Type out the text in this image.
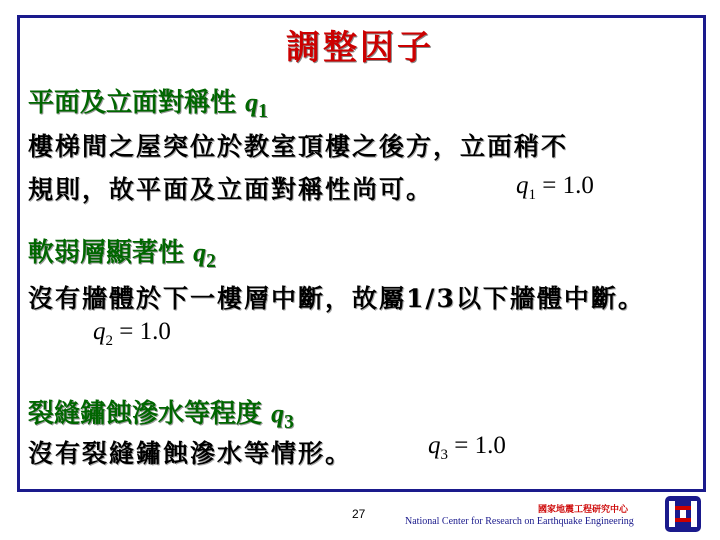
調整因子
平面及立面對稱性 $q_1$
樓梯間之屋突位於教室頂樓之後方，立面稍不
規則，故平面及立面對稱性尚可。	$q_1 = 1.0$
軟弱層顯著性 $q_2$
沒有牆體於下一樓層中斷，故屬1/3以下牆體中斷。
$q_2 = 1.0$
裂縫鏽蝕滲水等程度 $q_3$
沒有裂縫鏽蝕滲水等情形。	$q_3 = 1.0$
27	國家地震工程研究中心
National Center for Research on Earthquake Engineering
